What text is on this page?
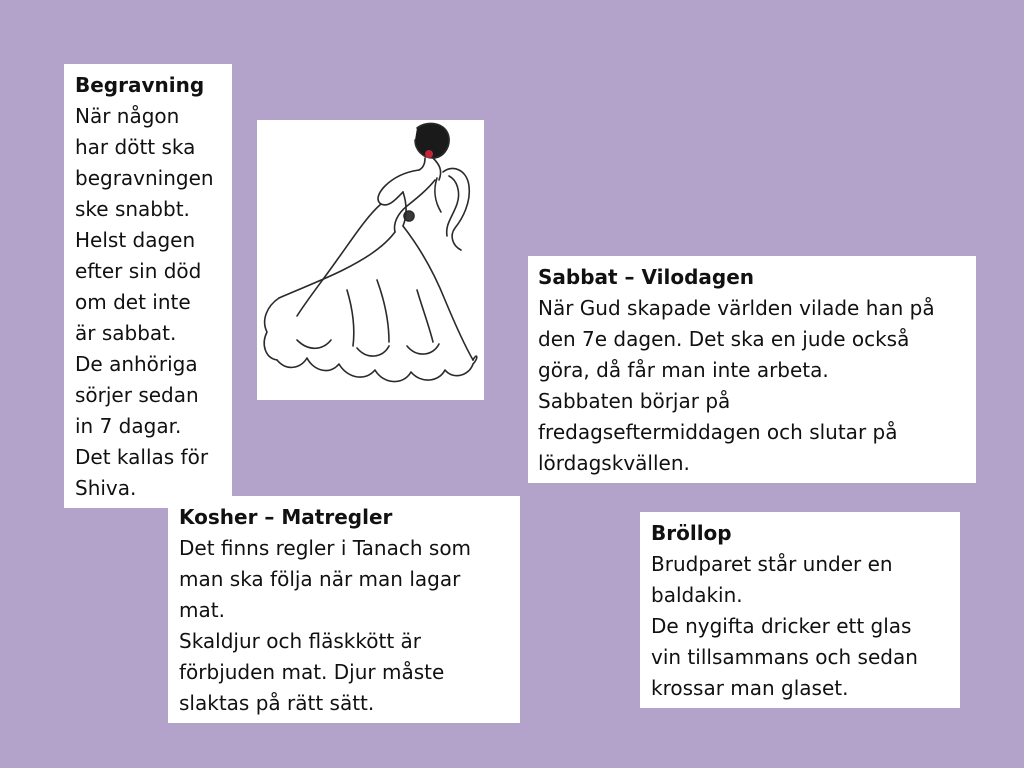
Begravning
När någon
har dött ska
begravningen
ske snabbt.
Helst dagen
efter sin död
om det inte
är sabbat.
De anhöriga
sörjer sedan
in 7 dagar.
Det kallas för
Shiva.
Sabbat – Vilodagen
När Gud skapade världen vilade han på
den 7e dagen. Det ska en jude också
göra, då får man inte arbeta.
Sabbaten börjar på
fredagseftermiddagen och slutar på
lördagskvällen.
Kosher – Matregler
Det finns regler i Tanach som
man ska följa när man lagar
mat.
Skaldjur och fläskkött är
förbjuden mat. Djur måste
slaktas på rätt sätt.
Bröllop
Brudparet står under en
baldakin.
De nygifta dricker ett glas
vin tillsammans och sedan
krossar man glaset.
